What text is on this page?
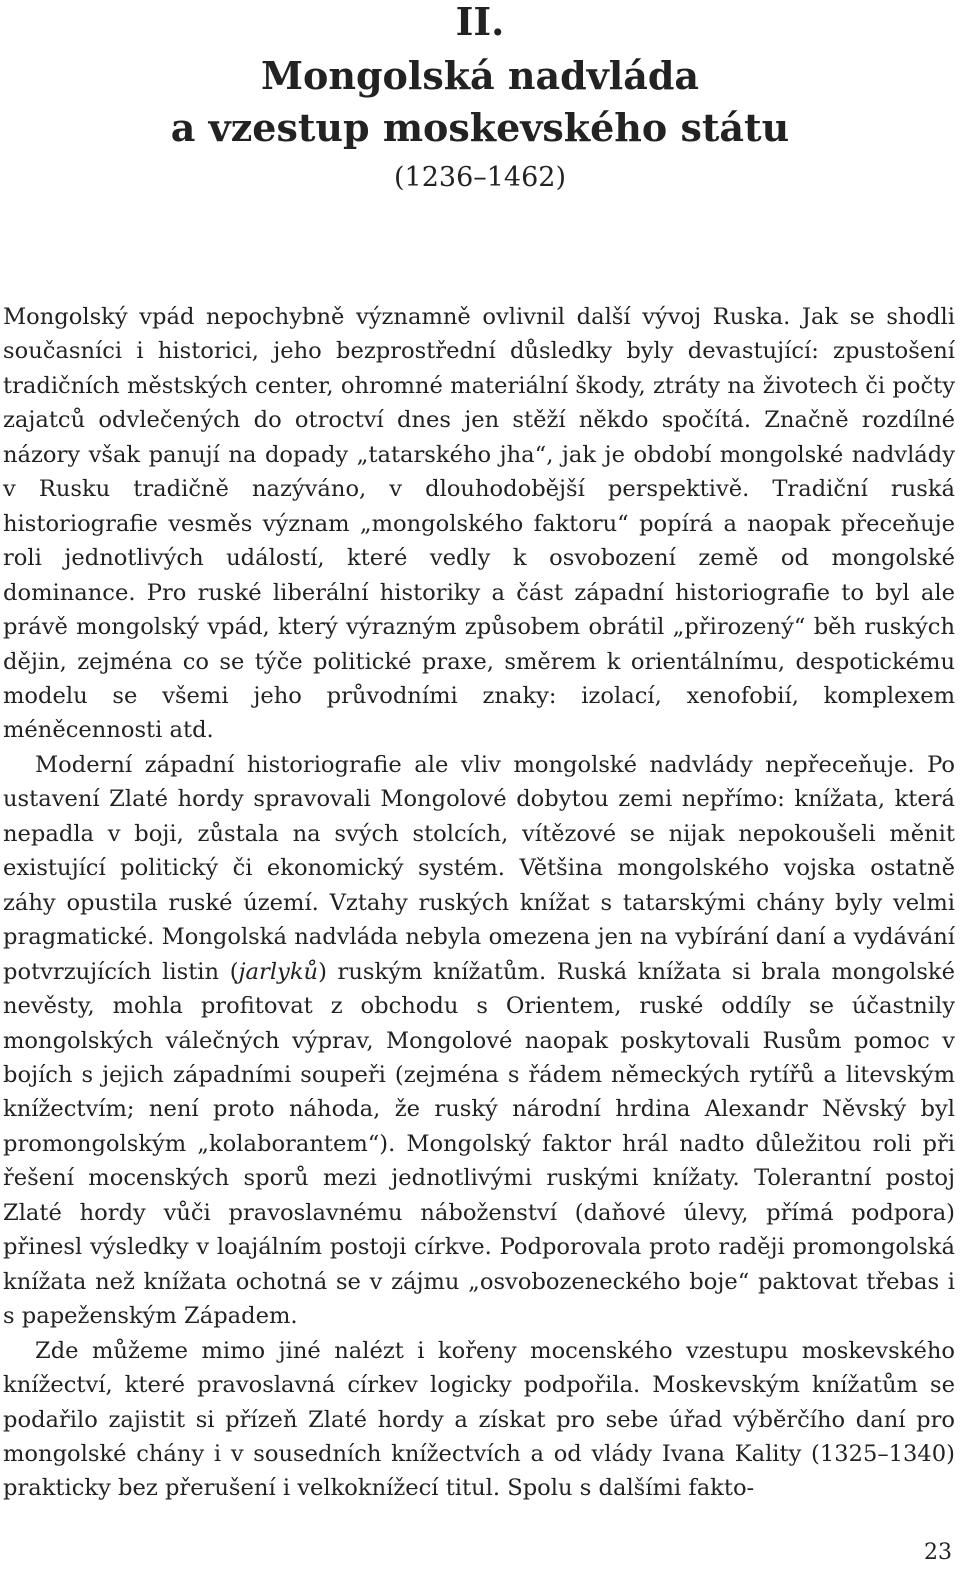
II.
Mongolská nadvláda
a vzestup moskevského státu
(1236–1462)

Mongolský vpád nepochybně významně ovlivnil další vývoj Ruska. Jak se shodli současníci i historici, jeho bezprostřední důsledky byly devastující: zpustošení tradičních městských center, ohromné materiální škody, ztráty na životech či počty zajatců odvlečených do otroctví dnes jen stěží někdo spočítá. Značně rozdílné názory však panují na dopady „tatarského jha“, jak je období mongolské nadvlády v Rusku tradičně nazýváno, v dlouhodobější perspektivě. Tradiční ruská historiografie vesměs význam „mongolského faktoru“ popírá a naopak přeceňuje roli jednotlivých událostí, které vedly k osvobození země od mongolské dominance. Pro ruské liberální historiky a část západní historiografie to byl ale právě mongolský vpád, který výrazným způsobem obrátil „přirozený“ běh ruských dějin, zejména co se týče politické praxe, směrem k orientálnímu, despotickému modelu se všemi jeho průvodními znaky: izolací, xenofobií, komplexem méněcennosti atd.

Moderní západní historiografie ale vliv mongolské nadvlády nepřeceňuje. Po ustavení Zlaté hordy spravovali Mongolové dobytou zemi nepřímo: knížata, která nepadla v boji, zůstala na svých stolcích, vítězové se nijak nepokoušeli měnit existující politický či ekonomický systém. Většina mongolského vojska ostatně záhy opustila ruské území. Vztahy ruských knížat s tatarskými chány byly velmi pragmatické. Mongolská nadvláda nebyla omezena jen na vybírání daní a vydávání potvrzujících listin (jarlyků) ruským knížatům. Ruská knížata si brala mongolské nevěsty, mohla profitovat z obchodu s Orientem, ruské oddíly se účastnily mongolských válečných výprav, Mongolové naopak poskytovali Rusům pomoc v bojích s jejich západními soupeři (zejména s řádem německých rytířů a litevským knížectvím; není proto náhoda, že ruský národní hrdina Alexandr Něvský byl promongolským „kolaborantem“). Mongolský faktor hrál nadto důležitou roli při řešení mocenských sporů mezi jednotlivými ruskými knížaty. Tolerantní postoj Zlaté hordy vůči pravoslavnému náboženství (daňové úlevy, přímá podpora) přinesl výsledky v loajálním postoji církve. Podporovala proto raději promongolská knížata než knížata ochotná se v zájmu „osvobozeneckého boje“ paktovat třebas i s papeženským Západem.

Zde můžeme mimo jiné nalézt i kořeny mocenského vzestupu moskevského knížectví, které pravoslavná církev logicky podpořila. Moskevským knížatům se podařilo zajistit si přízeň Zlaté hordy a získat pro sebe úřad výběrčího daní pro mongolské chány i v sousedních knížectvích a od vlády Ivana Kality (1325–1340) prakticky bez přerušení i velkoknížecí titul. Spolu s dalšími fakto-

23
